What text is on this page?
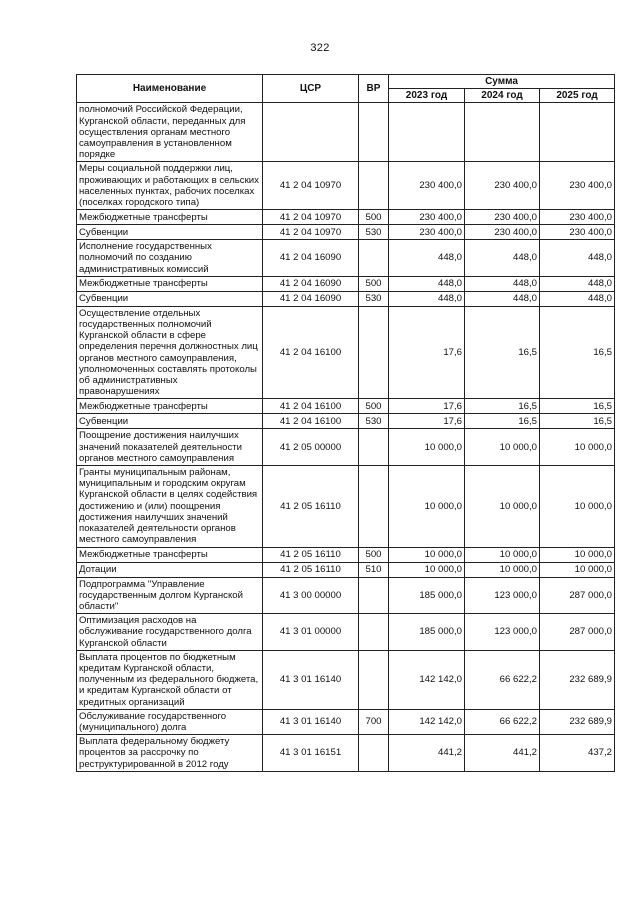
322
Наименование	ЦСР	ВР	Сумма		
			2023 год	2024 год	2025 год
полномочий Российской Федерации, Курганской области, переданных для осуществления органам местного самоуправления в установленном порядке					
Меры социальной поддержки лиц, проживающих и работающих в сельских населенных пунктах, рабочих поселках (поселках городского типа)	41 2 04 10970		230 400,0	230 400,0	230 400,0
Межбюджетные трансферты	41 2 04 10970	500	230 400,0	230 400,0	230 400,0
Субвенции	41 2 04 10970	530	230 400,0	230 400,0	230 400,0
Исполнение государственных полномочий по созданию административных комиссий	41 2 04 16090		448,0	448,0	448,0
Межбюджетные трансферты	41 2 04 16090	500	448,0	448,0	448,0
Субвенции	41 2 04 16090	530	448,0	448,0	448,0
Осуществление отдельных государственных полномочий Курганской области в сфере определения перечня должностных лиц органов местного самоуправления, уполномоченных составлять протоколы об административных правонарушениях	41 2 04 16100		17,6	16,5	16,5
Межбюджетные трансферты	41 2 04 16100	500	17,6	16,5	16,5
Субвенции	41 2 04 16100	530	17,6	16,5	16,5
Поощрение достижения наилучших значений показателей деятельности органов местного самоуправления	41 2 05 00000		10 000,0	10 000,0	10 000,0
Гранты муниципальным районам, муниципальным и городским округам Курганской области в целях содействия достижению и (или) поощрения достижения наилучших значений показателей деятельности органов местного самоуправления	41 2 05 16110		10 000,0	10 000,0	10 000,0
Межбюджетные трансферты	41 2 05 16110	500	10 000,0	10 000,0	10 000,0
Дотации	41 2 05 16110	510	10 000,0	10 000,0	10 000,0
Подпрограмма "Управление государственным долгом Курганской области"	41 3 00 00000		185 000,0	123 000,0	287 000,0
Оптимизация расходов на обслуживание государственного долга Курганской области	41 3 01 00000		185 000,0	123 000,0	287 000,0
Выплата процентов по бюджетным кредитам Курганской области, полученным из федерального бюджета, и кредитам Курганской области от кредитных организаций	41 3 01 16140		142 142,0	66 622,2	232 689,9
Обслуживание государственного (муниципального) долга	41 3 01 16140	700	142 142,0	66 622,2	232 689,9
Выплата федеральному бюджету процентов за рассрочку по реструктурированной в 2012 году	41 3 01 16151		441,2	441,2	437,2
